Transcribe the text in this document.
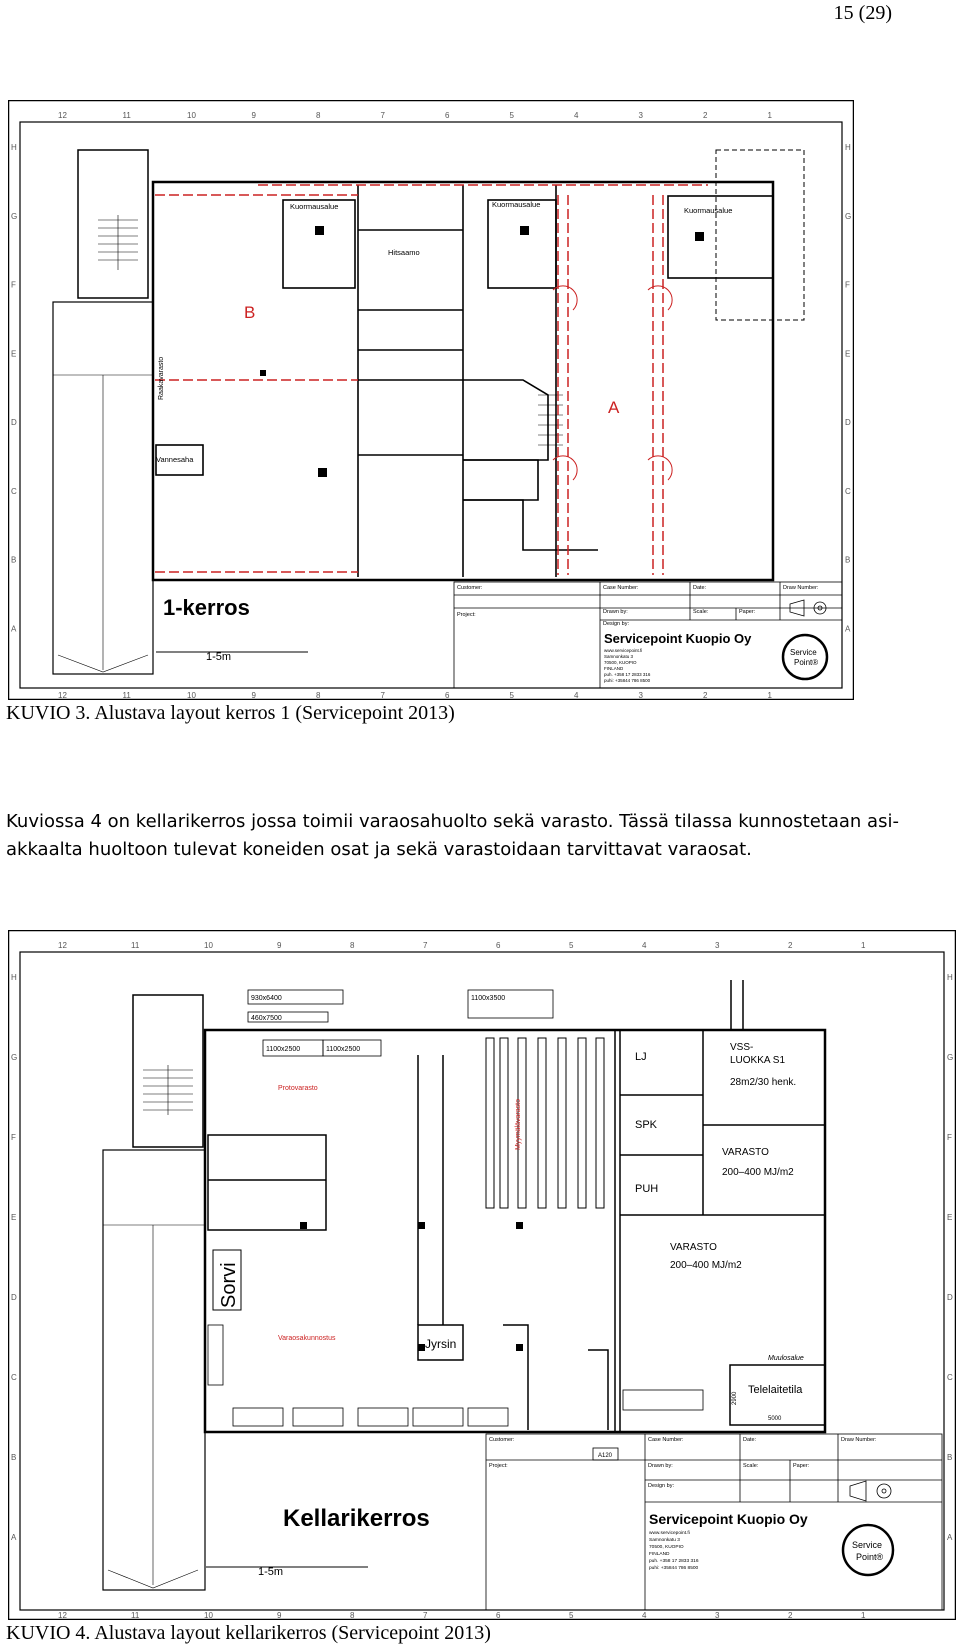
15 (29)
12	11	10	9	8	7	6	5	4	3	2	1
12	11	10	9	8	7	6	5	4	3	2	1
H
G
F
E
D
C
B
A
H
G
F
E
D
C
B
A
Kuormausalue	Kuormausalue
Kuormausalue
Hitsaamo
B
A
Raakavarasto
Vannesaha
1-kerros
1-5m
Customer:
Project:
Case Number:	Date:	Draw Number:
Drawn by:
Design by:
Scale:	Paper:
Servicepoint Kuopio Oy
www.servicepoint.fi
Samnonkatu 3
70500, KUOPIO
FINLAND
puh. +358 17 2833 316
puhi: +35844 786 8500
Service
Point®
KUVIO 3. Alustava layout kerros 1 (Servicepoint 2013)
Kuviossa 4 on kellarikerros jossa toimii varaosahuolto sekä varasto. Tässä tilassa kunnostetaan asi-
akkaalta huoltoon tulevat koneiden osat ja sekä varastoidaan tarvittavat varaosat.
12	11	10	9	8	7	6	5	4	3	2	1
12	11	10	9	8	7	6	5	4	3	2	1
H
G
F
E
D
C
B
A
H
G
F
E
D
C
B
A
930x6400
460x7500
1100x3500
1100x2500	1100x2500
Protovarasto
Myymälävarasto
Varaosakunnostus
Sorvi
Jyrsin
LJ
SPK
PUH
VSS-
LUOKKA S1
28m2/30 henk.
VARASTO
200–400 MJ/m2
VARASTO
200–400 MJ/m2
Muulosalue
Telelaitetila
2900
5000
A120
Kellarikerros
1-5m
Customer:
Project:
Case Number:	Date:	Draw Number:
Drawn by:
Design by:
Scale:	Paper:
Servicepoint Kuopio Oy
www.servicepoint.fi
Samnonkatu 3
70500, KUOPIO
FINLAND
puh. +358 17 2833 316
puhi: +35844 786 8500
Service
Point®
KUVIO 4. Alustava layout kellarikerros (Servicepoint 2013)
